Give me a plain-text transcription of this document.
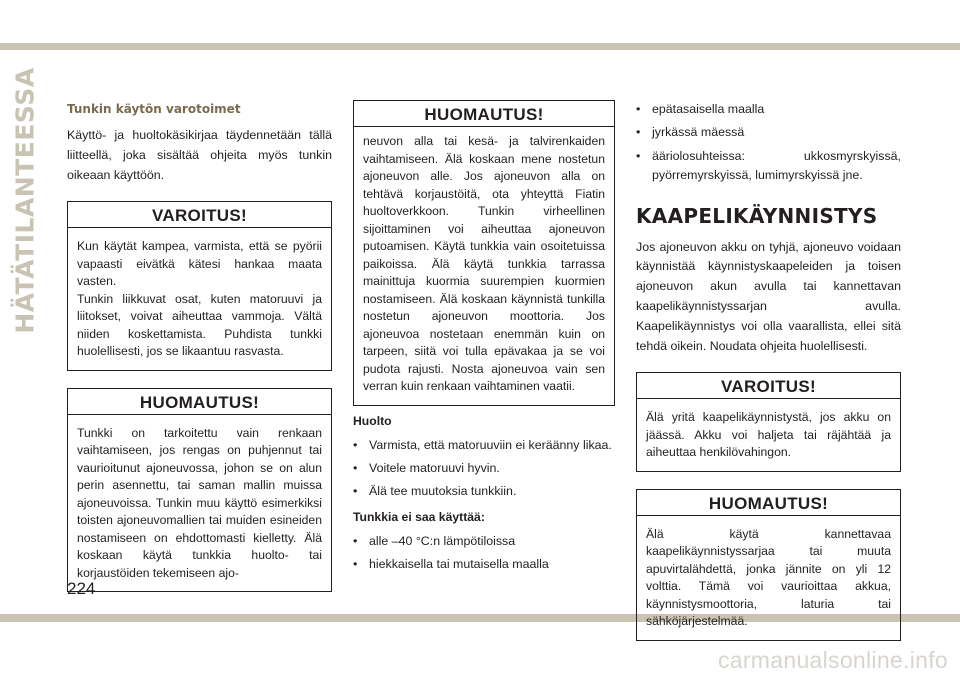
HÄTÄTILANTEESSA Tunkin käytön varotoimet

Käyttö- ja huoltokäsikirjaa täydennetään tällä liitteellä, joka sisältää ohjeita myös tunkin oikeaan käyttöön.

VAROITUS!

Kun käytät kampea, varmista, että se pyörii vapaasti eivätkä kätesi hankaa maata vasten.

Tunkin liikkuvat osat, kuten matoruuvi ja liitokset, voivat aiheuttaa vammoja. Vältä niiden koskettamista. Puhdista tunkki huolellisesti, jos se likaantuu rasvasta.

HUOMAUTUS!

Tunkki on tarkoitettu vain renkaan vaihtamiseen, jos rengas on puhjennut tai vaurioitunut ajoneuvossa, johon se on alun perin asennettu, tai saman mallin muissa ajoneuvoissa. Tunkin muu käyttö esimerkiksi toisten ajoneuvomallien tai muiden esineiden nostamiseen on ehdottomasti kielletty. Älä koskaan käytä tunkkia huolto- tai korjaustöiden tekemiseen ajo-

HUOMAUTUS!

neuvon alla tai kesä- ja talvirenkaiden vaihtamiseen. Älä koskaan mene nostetun ajoneuvon alle. Jos ajoneuvon alla on tehtävä korjaustöitä, ota yhteyttä Fiatin huoltoverkkoon. Tunkin virheellinen sijoittaminen voi aiheuttaa ajoneuvon putoamisen. Käytä tunkkia vain osoitetuissa paikoissa. Älä käytä tunkkia tarrassa mainittuja kuormia suurempien kuormien nostamiseen. Älä koskaan käynnistä tunkilla nostetun ajoneuvon moottoria. Jos ajoneuvoa nostetaan enemmän kuin on tarpeen, siitä voi tulla epävakaa ja se voi pudota rajusti. Nosta ajoneuvoa vain sen verran kuin renkaan vaihtaminen vaatii.

Huolto
• Varmista, että matoruuviin ei keräänny likaa.
• Voitele matoruuvi hyvin.
• Älä tee muutoksia tunkkiin.
Tunkkia ei saa käyttää:
• alle –40 °C:n lämpötiloissa
• hiekkaisella tai mutaisella maalla
• epätasaisella maalla
• jyrkässä mäessä
• ääriolosuhteissa: ukkosmyrskyissä, pyörremyrskyissä, lumimyrskyissä jne.
KAAPELIKÄYNNISTYS

Jos ajoneuvon akku on tyhjä, ajoneuvo voidaan käynnistää käynnistyskaapeleiden ja toisen ajoneuvon akun avulla tai kannettavan kaapelikäynnistyssarjan avulla. Kaapelikäynnistys voi olla vaarallista, ellei sitä tehdä oikein. Noudata ohjeita huolellisesti.

VAROITUS!

Älä yritä kaapelikäynnistystä, jos akku on jäässä. Akku voi haljeta tai räjähtää ja aiheuttaa henkilövahingon.

HUOMAUTUS!

Älä käytä kannettavaa kaapelikäynnistyssarjaa tai muuta apuvirtalähdettä, jonka jännite on yli 12 volttia. Tämä voi vaurioittaa akkua, käynnistysmoottoria, laturia tai sähköjärjestelmää.

224
carmanualsonline.info
